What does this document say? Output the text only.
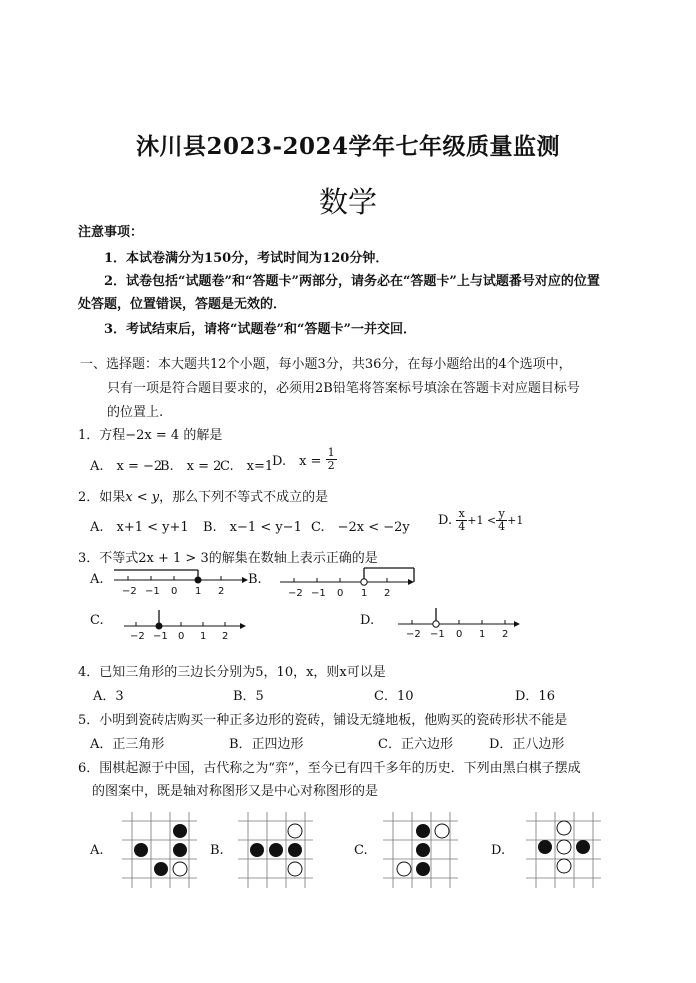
沐川县2023-2024学年七年级质量监测
数学
注意事项：
1．本试卷满分为150分，考试时间为120分钟．
2．试卷包括“试题卷”和“答题卡”两部分，请务必在“答题卡”上与试题番号对应的位置
处答题，位置错误，答题是无效的．
3．考试结束后，请将“试题卷”和“答题卡”一并交回．
一、选择题：本大题共12个小题，每小题3分，共36分，在每小题给出的4个选项中，
只有一项是符合题目要求的，必须用2B铅笔将答案标号填涂在答题卡对应题目标号
的位置上.
1．方程−2x = 4 的解是
A.　x = −2
B.　x = 2
C.　x=1
D.　$x = \frac{1}{2}$
2．如果x < y，那么下列不等式不成立的是
A.　x+1 < y+1 B.　x−1 < y−1 C.　−2x < −2y D. $\frac{x}{4} +1 < \frac{y}{4} +1$
3．不等式2x + 1 > 3的解集在数轴上表示正确的是
A.	B.
C.	D.
−2 −1 0 1 2	−2 −1 0 1 2
−2 −1 0 1 2	−2 −1 0 1 2
4．已知三角形的三边长分别为5，10，x，则x可以是
A．3	B．5	C．10	D．16
5．小明到瓷砖店购买一种正多边形的瓷砖，铺设无缝地板，他购买的瓷砖形状不能是
A．正三角形	B．正四边形	C．正六边形	D．正八边形
6．围棋起源于中国，古代称之为“弈”，至今已有四千多年的历史．下列由黑白棋子摆成
的图案中，既是轴对称图形又是中心对称图形的是
A.	B.	C.	D.
